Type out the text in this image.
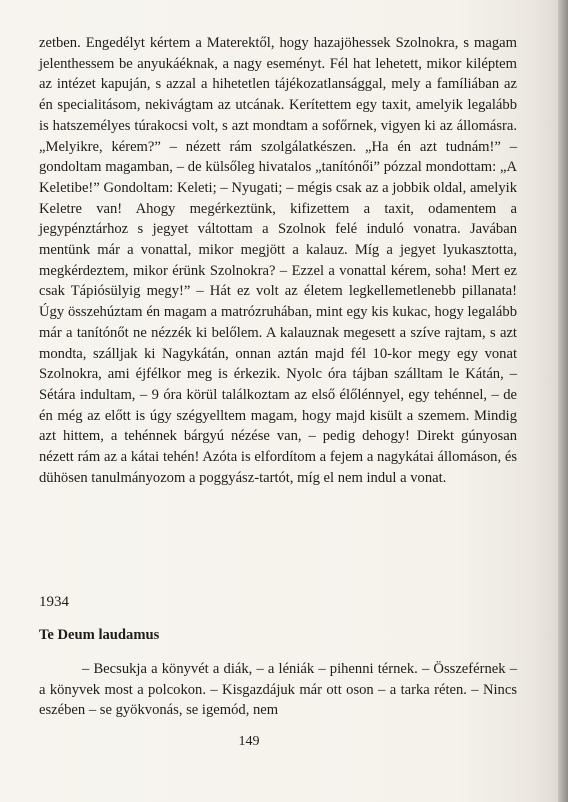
zetben. Engedélyt kértem a Materektől, hogy hazajöhessek Szolnokra, s magam jelenthessem be anyukáéknak, a nagy eseményt. Fél hat lehetett, mikor kiléptem az intézet kapuján, s azzal a hihetetlen tájékozatlansággal, mely a famíliában az én specialitásom, nekivágtam az utcának. Kerítettem egy taxit, amelyik legalább is hatszemélyes túrakocsi volt, s azt mondtam a sofőrnek, vigyen ki az állomásra. „Melyikre, kérem?” – nézett rám szolgálatkészen. „Ha én azt tudnám!” – gondoltam magamban, – de külsőleg hivatalos „tanítónői” pózzal mondottam: „A Keletibe!” Gondoltam: Keleti; – Nyugati; – mégis csak az a jobbik oldal, amelyik Keletre van! Ahogy megérkeztünk, kifizettem a taxit, odamentem a jegypénztárhoz s jegyet váltottam a Szolnok felé induló vonatra. Javában mentünk már a vonattal, mikor megjött a kalauz. Míg a jegyet lyukasztotta, megkérdeztem, mikor érünk Szolnokra? – Ezzel a vonattal kérem, soha! Mert ez csak Tápiósülyig megy!” – Hát ez volt az életem legkellemetlenebb pillanata! Úgy összehúztam én magam a matrózruhában, mint egy kis kukac, hogy legalább már a tanítónőt ne nézzék ki belőlem. A kalauznak megesett a szíve rajtam, s azt mondta, szálljak ki Nagykátán, onnan aztán majd fél 10-kor megy egy vonat Szolnokra, ami éjfélkor meg is érkezik. Nyolc óra tájban szálltam le Kátán, – Sétára indultam, – 9 óra körül találkoztam az első élőlénnyel, egy tehénnel, – de én még az előtt is úgy szégyelltem magam, hogy majd kisült a szemem. Mindig azt hittem, a tehénnek bárgyú nézése van, – pedig dehogy! Direkt gúnyosan nézett rám az a kátai tehén! Azóta is elfordítom a fejem a nagykátai állomáson, és dühösen tanulmányozom a poggyász-tartót, míg el nem indul a vonat.

1934
Te Deum laudamus

– Becsukja a könyvét a diák, – a léniák – pihenni térnek. – Összeférnek – a könyvek most a polcokon. – Kisgazdájuk már ott oson – a tarka réten. – Nincs eszében – se gyökvonás, se igemód, nem

149
